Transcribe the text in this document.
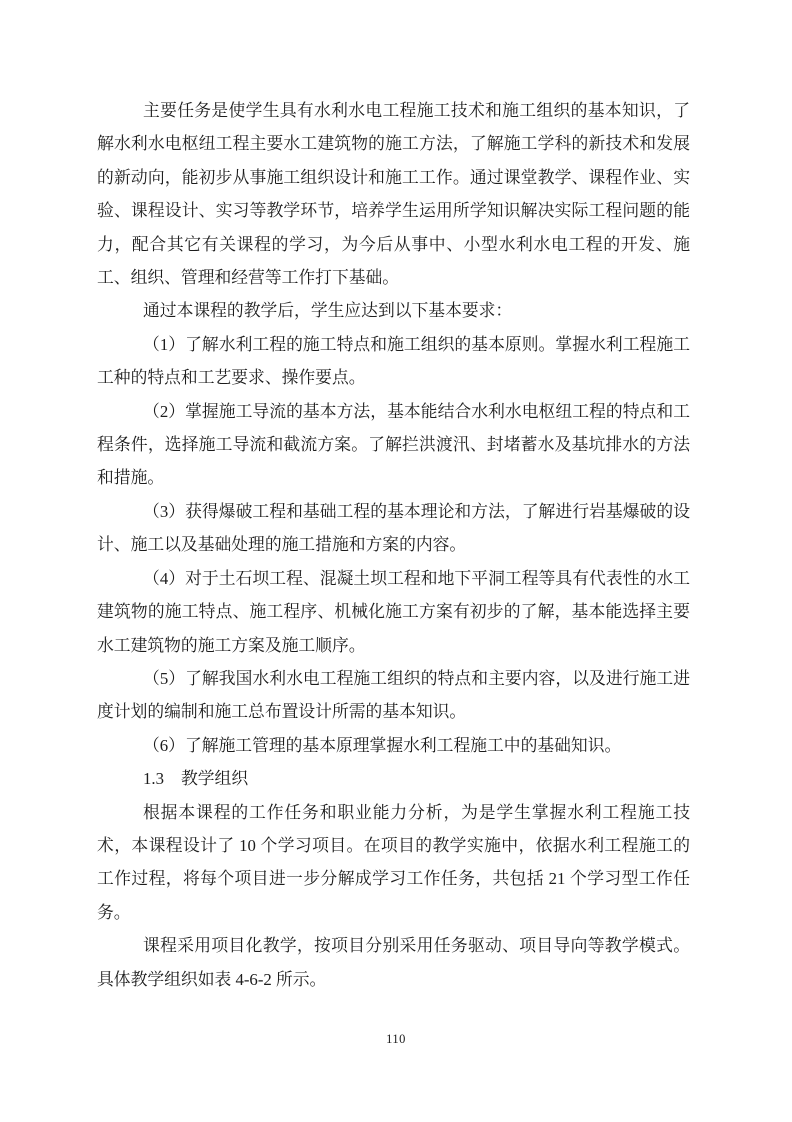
主要任务是使学生具有水利水电工程施工技术和施工组织的基本知识，了解水利水电枢纽工程主要水工建筑物的施工方法，了解施工学科的新技术和发展的新动向，能初步从事施工组织设计和施工工作。通过课堂教学、课程作业、实验、课程设计、实习等教学环节，培养学生运用所学知识解决实际工程问题的能力，配合其它有关课程的学习，为今后从事中、小型水利水电工程的开发、施工、组织、管理和经营等工作打下基础。

通过本课程的教学后，学生应达到以下基本要求：

（1）了解水利工程的施工特点和施工组织的基本原则。掌握水利工程施工工种的特点和工艺要求、操作要点。

（2）掌握施工导流的基本方法，基本能结合水利水电枢纽工程的特点和工程条件，选择施工导流和截流方案。了解拦洪渡汛、封堵蓄水及基坑排水的方法和措施。

（3）获得爆破工程和基础工程的基本理论和方法，了解进行岩基爆破的设计、施工以及基础处理的施工措施和方案的内容。

（4）对于土石坝工程、混凝土坝工程和地下平洞工程等具有代表性的水工建筑物的施工特点、施工程序、机械化施工方案有初步的了解，基本能选择主要水工建筑物的施工方案及施工顺序。

（5）了解我国水利水电工程施工组织的特点和主要内容，以及进行施工进度计划的编制和施工总布置设计所需的基本知识。

（6）了解施工管理的基本原理掌握水利工程施工中的基础知识。

1.3 教学组织

根据本课程的工作任务和职业能力分析，为是学生掌握水利工程施工技术，本课程设计了 10 个学习项目。在项目的教学实施中，依据水利工程施工的工作过程，将每个项目进一步分解成学习工作任务，共包括 21 个学习型工作任务。

课程采用项目化教学，按项目分别采用任务驱动、项目导向等教学模式。具体教学组织如表 4-6-2 所示。

110
